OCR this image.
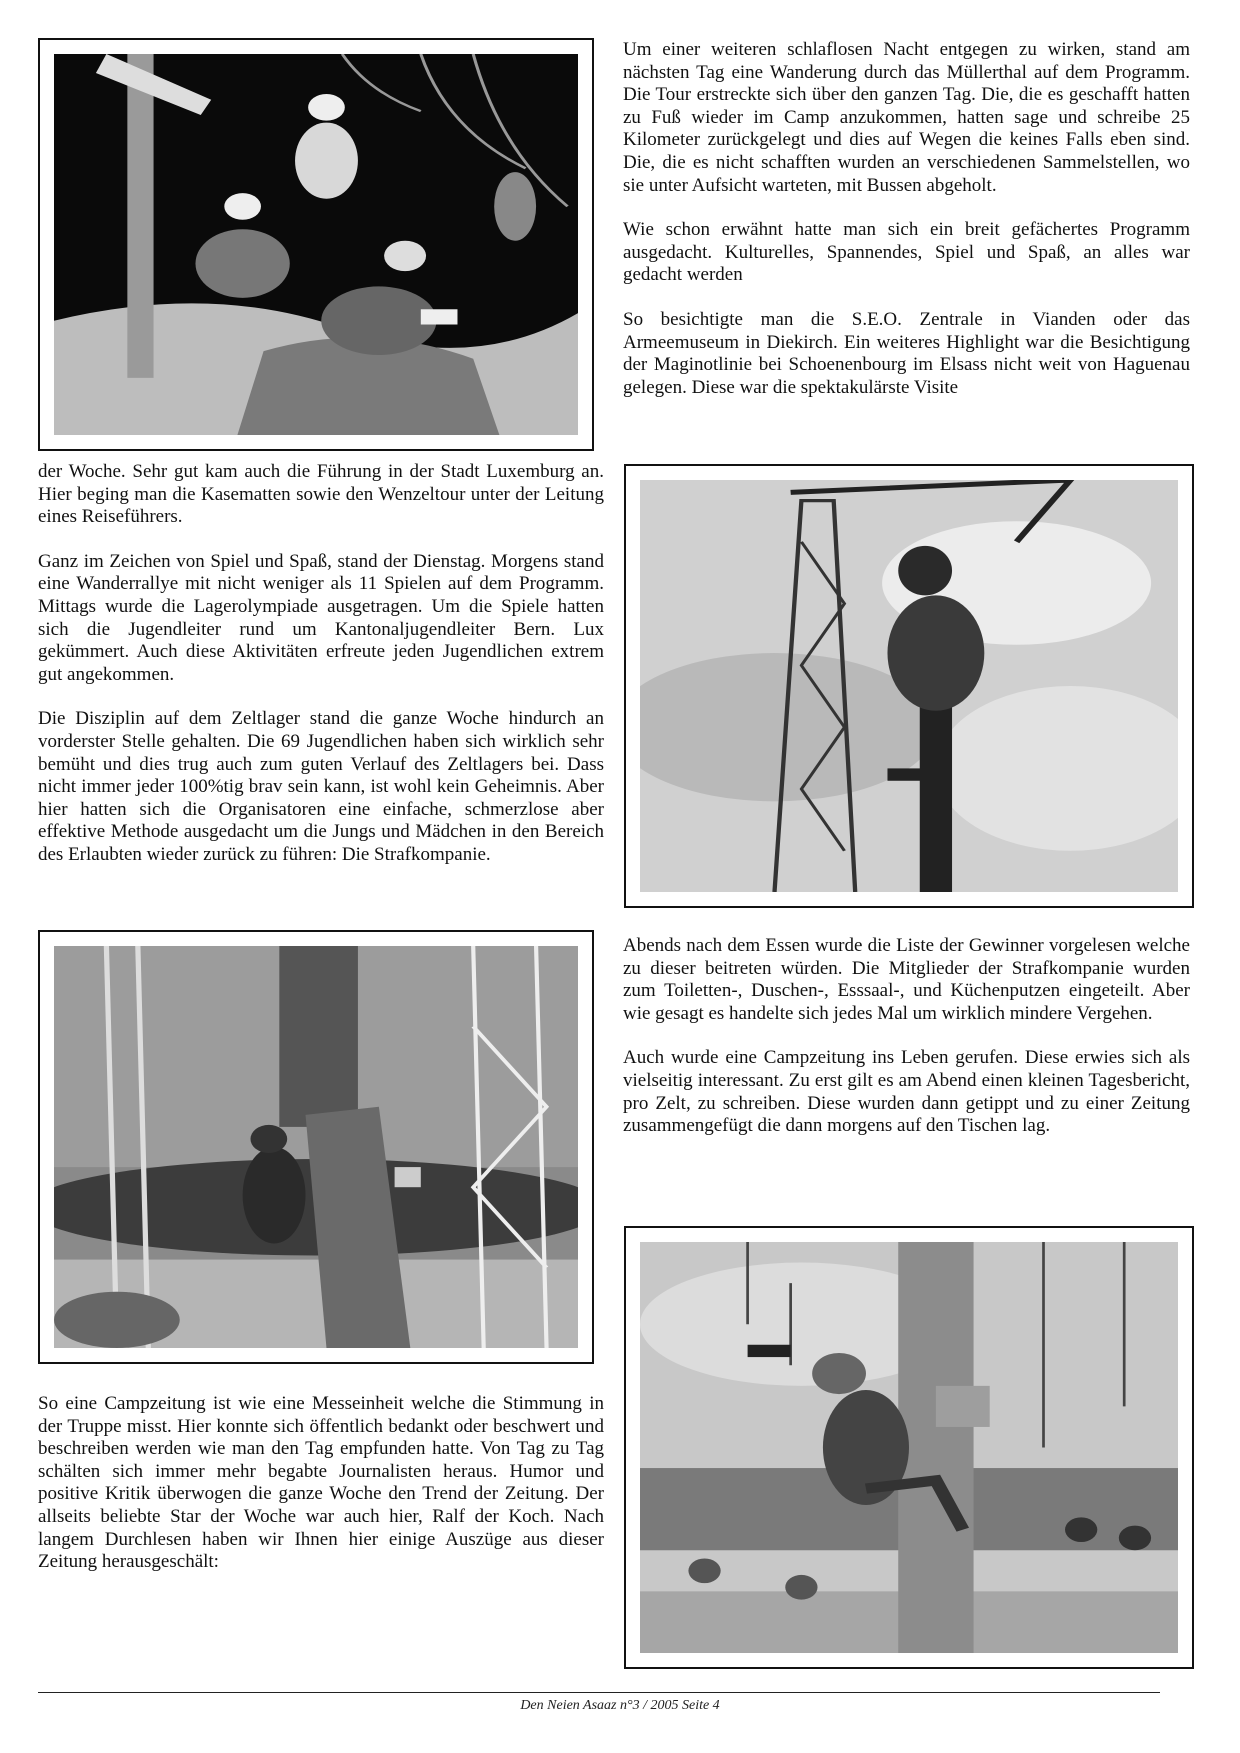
Um einer weiteren schlaflosen Nacht entgegen zu wirken, stand am nächsten Tag eine Wanderung durch das Müllerthal auf dem Programm. Die Tour erstreckte sich über den ganzen Tag. Die, die es geschafft hatten zu Fuß wieder im Camp anzukommen, hatten sage und schreibe 25 Kilometer zurückgelegt und dies auf Wegen die keines Falls eben sind. Die, die es nicht schafften wurden an verschiedenen Sammelstellen, wo sie unter Aufsicht warteten, mit Bussen abgeholt.

Wie schon erwähnt hatte man sich ein breit gefächertes Programm ausgedacht. Kulturelles, Spannendes, Spiel und Spaß, an alles war gedacht werden

So besichtigte man die S.E.O. Zentrale in Vianden oder das Armeemuseum in Diekirch. Ein weiteres Highlight war die Besichtigung der Maginotlinie bei Schoenenbourg im Elsass nicht weit von Haguenau gelegen. Diese war die spektakulärste Visite

der Woche. Sehr gut kam auch die Führung in der Stadt Luxemburg an. Hier beging man die Kasematten sowie den Wenzeltour unter der Leitung eines Reiseführers.

Ganz im Zeichen von Spiel und Spaß, stand der Dienstag. Morgens stand eine Wanderrallye mit nicht weniger als 11 Spielen auf dem Programm. Mittags wurde die Lagerolympiade ausgetragen. Um die Spiele hatten sich die Jugendleiter rund um Kantonaljugendleiter Bern. Lux gekümmert. Auch diese Aktivitäten erfreute jeden Jugendlichen extrem gut angekommen.

Die Disziplin auf dem Zeltlager stand die ganze Woche hindurch an vorderster Stelle gehalten. Die 69 Jugendlichen haben sich wirklich sehr bemüht und dies trug auch zum guten Verlauf des Zeltlagers bei. Dass nicht immer jeder 100%tig brav sein kann, ist wohl kein Geheimnis. Aber hier hatten sich die Organisatoren eine einfache, schmerzlose aber effektive Methode ausgedacht um die Jungs und Mädchen in den Bereich des Erlaubten wieder zurück zu führen: Die Strafkompanie.

Abends nach dem Essen wurde die Liste der Gewinner vorgelesen welche zu dieser beitreten würden. Die Mitglieder der Strafkompanie wurden zum Toiletten-, Duschen-, Esssaal-, und Küchenputzen eingeteilt. Aber wie gesagt es handelte sich jedes Mal um wirklich mindere Vergehen.

Auch wurde eine Campzeitung ins Leben gerufen. Diese erwies sich als vielseitig interessant. Zu erst gilt es am Abend einen kleinen Tagesbericht, pro Zelt, zu schreiben. Diese wurden dann getippt und zu einer Zeitung zusammengefügt die dann morgens auf den Tischen lag.

So eine Campzeitung ist wie eine Messeinheit welche die Stimmung in der Truppe misst. Hier konnte sich öffentlich bedankt oder beschwert und beschreiben werden wie man den Tag empfunden hatte. Von Tag zu Tag schälten sich immer mehr begabte Journalisten heraus. Humor und positive Kritik überwogen die ganze Woche den Trend der Zeitung. Der allseits beliebte Star der Woche war auch hier, Ralf der Koch. Nach langem Durchlesen haben wir Ihnen hier einige Auszüge aus dieser Zeitung herausgeschält:

Den Neien Asaaz n°3 / 2005 Seite 4
